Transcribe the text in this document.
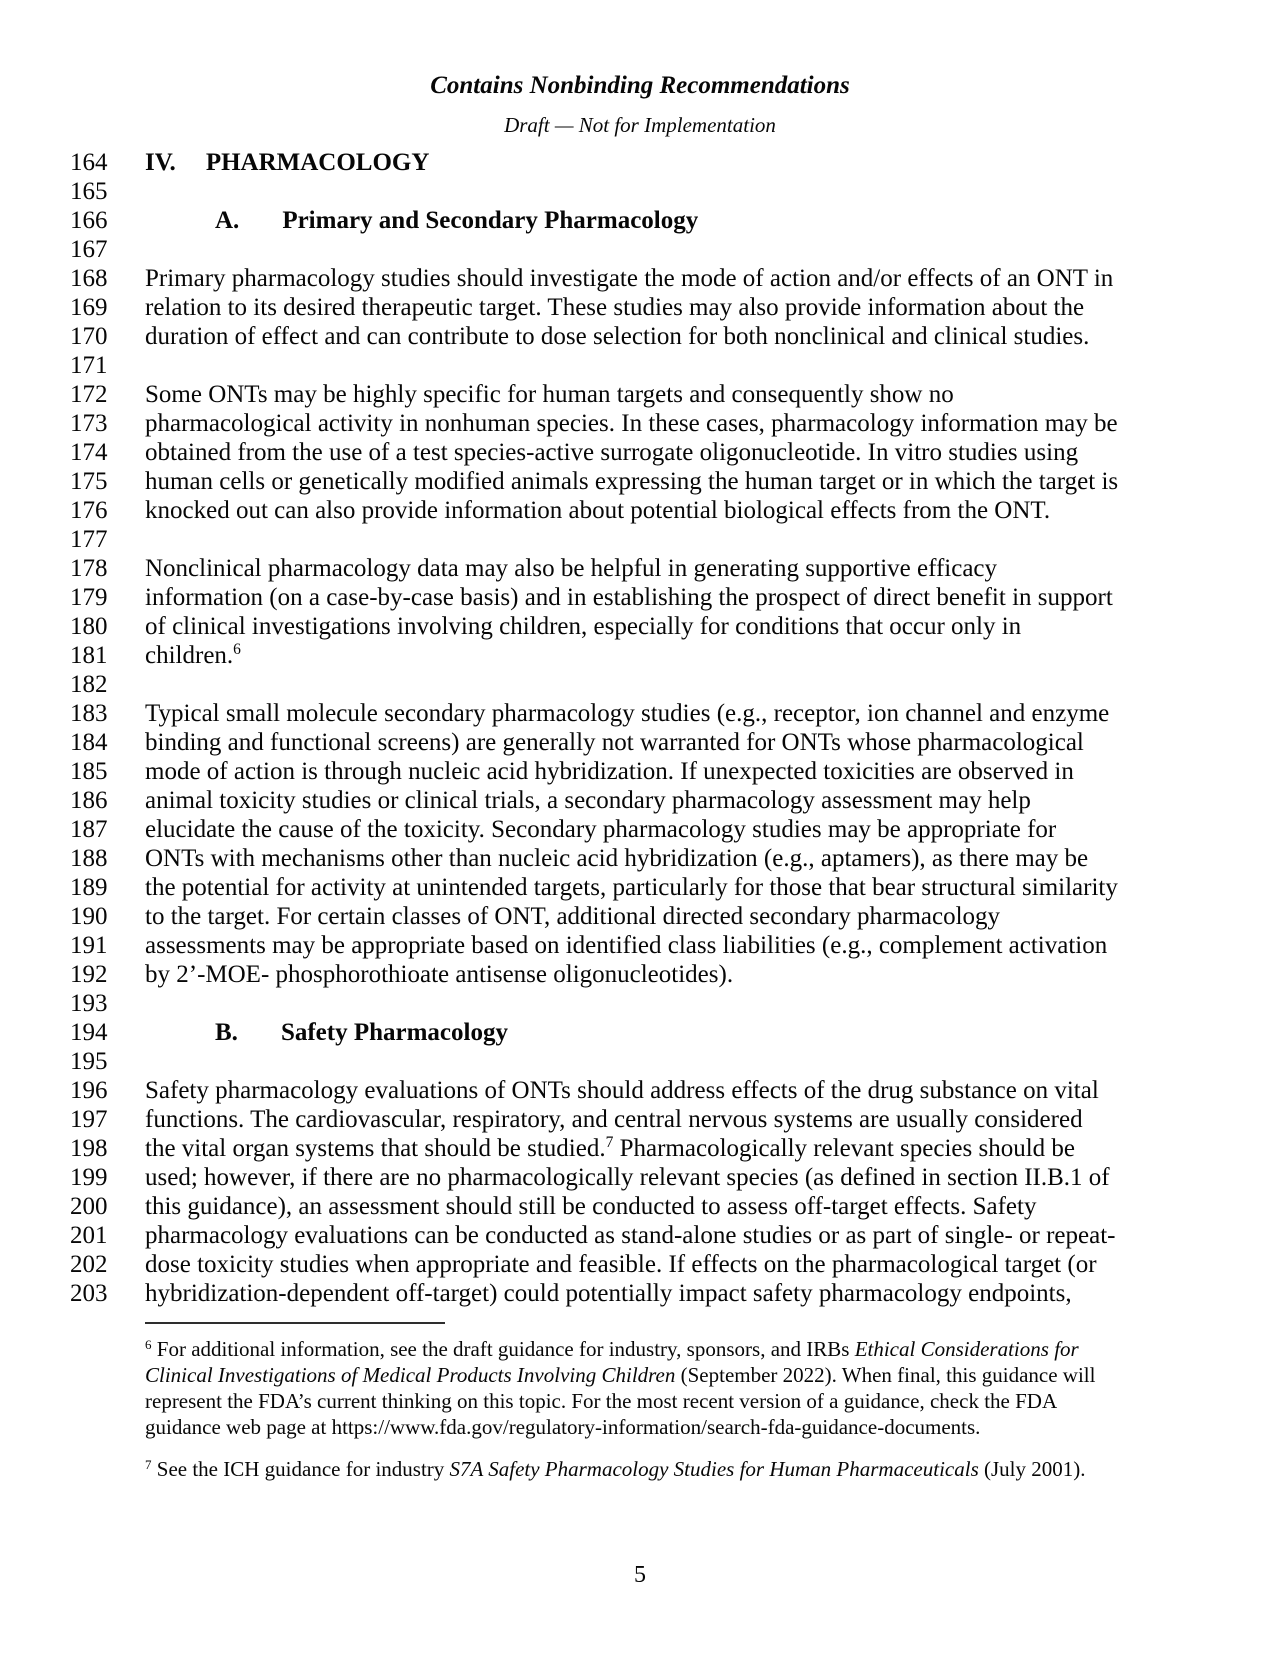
Contains Nonbinding Recommendations
Draft — Not for Implementation
164 IV. PHARMACOLOGY
165
166	A. Primary and Secondary Pharmacology
167
168 Primary pharmacology studies should investigate the mode of action and/or effects of an ONT in
169 relation to its desired therapeutic target. These studies may also provide information about the
170 duration of effect and can contribute to dose selection for both nonclinical and clinical studies.
171
172 Some ONTs may be highly specific for human targets and consequently show no
173 pharmacological activity in nonhuman species. In these cases, pharmacology information may be
174 obtained from the use of a test species-active surrogate oligonucleotide. In vitro studies using
175 human cells or genetically modified animals expressing the human target or in which the target is
176 knocked out can also provide information about potential biological effects from the ONT.
177
178 Nonclinical pharmacology data may also be helpful in generating supportive efficacy
179 information (on a case-by-case basis) and in establishing the prospect of direct benefit in support
180 of clinical investigations involving children, especially for conditions that occur only in
181 children.$^6$
182
183 Typical small molecule secondary pharmacology studies (e.g., receptor, ion channel and enzyme
184 binding and functional screens) are generally not warranted for ONTs whose pharmacological
185 mode of action is through nucleic acid hybridization. If unexpected toxicities are observed in
186 animal toxicity studies or clinical trials, a secondary pharmacology assessment may help
187 elucidate the cause of the toxicity. Secondary pharmacology studies may be appropriate for
188 ONTs with mechanisms other than nucleic acid hybridization (e.g., aptamers), as there may be
189 the potential for activity at unintended targets, particularly for those that bear structural similarity
190 to the target. For certain classes of ONT, additional directed secondary pharmacology
191 assessments may be appropriate based on identified class liabilities (e.g., complement activation
192 by 2’-MOE- phosphorothioate antisense oligonucleotides).
193
194	B. Safety Pharmacology
195
196 Safety pharmacology evaluations of ONTs should address effects of the drug substance on vital
197 functions. The cardiovascular, respiratory, and central nervous systems are usually considered
198 the vital organ systems that should be studied.$^7$ Pharmacologically relevant species should be
199 used; however, if there are no pharmacologically relevant species (as defined in section II.B.1 of
200 this guidance), an assessment should still be conducted to assess off-target effects. Safety
201 pharmacology evaluations can be conducted as stand-alone studies or as part of single- or repeat-
202 dose toxicity studies when appropriate and feasible. If effects on the pharmacological target (or
203 hybridization-dependent off-target) could potentially impact safety pharmacology endpoints,
$^6$ For additional information, see the draft guidance for industry, sponsors, and IRBs Ethical Considerations for
Clinical Investigations of Medical Products Involving Children (September 2022). When final, this guidance will
represent the FDA’s current thinking on this topic. For the most recent version of a guidance, check the FDA
guidance web page at https://www.fda.gov/regulatory-information/search-fda-guidance-documents.
$^7$ See the ICH guidance for industry S7A Safety Pharmacology Studies for Human Pharmaceuticals (July 2001).
5
